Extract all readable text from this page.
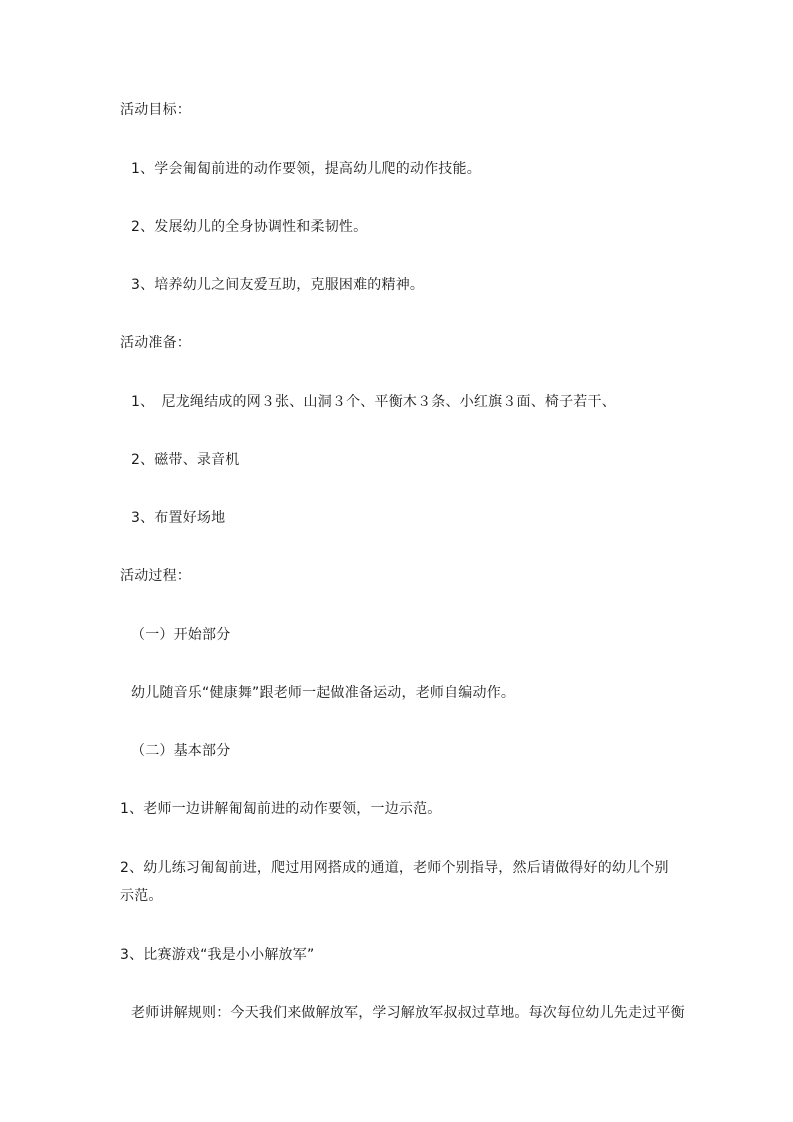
活动目标：
1、学会匍匐前进的动作要领，提高幼儿爬的动作技能。
2、发展幼儿的全身协调性和柔韧性。
3、培养幼儿之间友爱互助，克服困难的精神。
活动准备：
1、　尼龙绳结成的网３张、山洞３个、平衡木３条、小红旗３面、椅子若干、
2、磁带、录音机
3、布置好场地
活动过程：
（一）开始部分
幼儿随音乐“健康舞”跟老师一起做准备运动，老师自编动作。
（二）基本部分
1、老师一边讲解匍匐前进的动作要领，一边示范。
2、幼儿练习匍匐前进，爬过用网搭成的通道，老师个别指导，然后请做得好的幼儿个别示范。
3、比赛游戏“我是小小解放军”
老师讲解规则：今天我们来做解放军，学习解放军叔叔过草地。每次每位幼儿先走过平衡
